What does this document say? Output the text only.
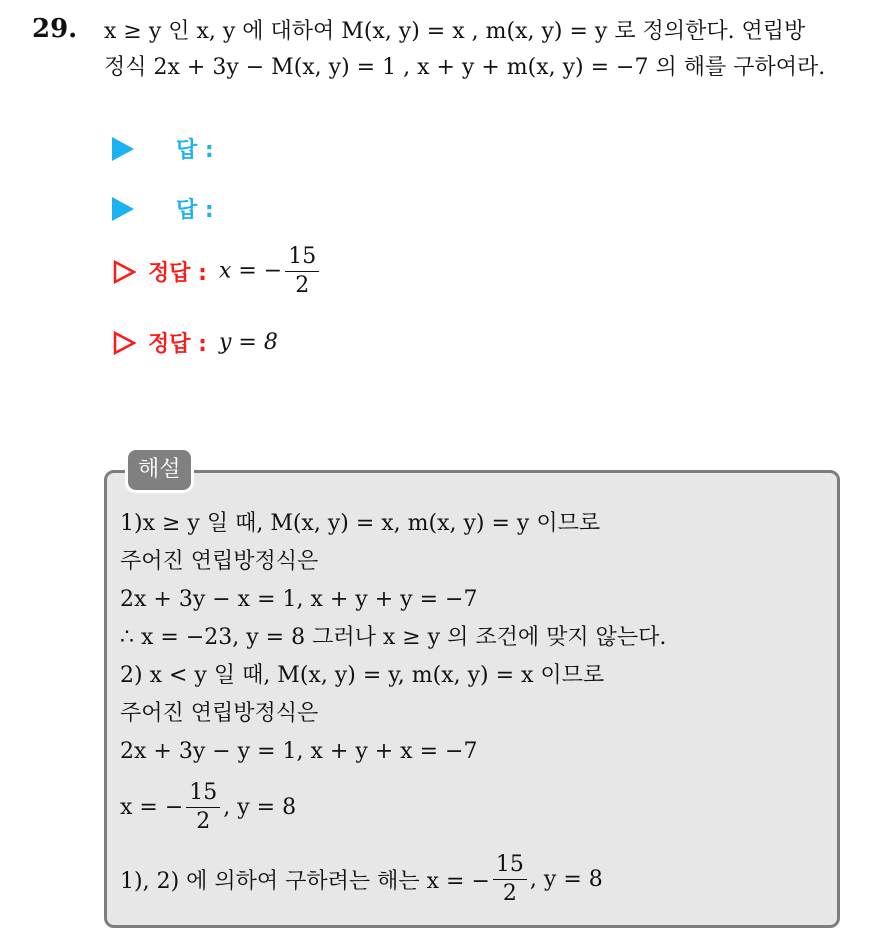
29. x ≥ y 인 x, y 에 대하여 M(x, y) = x , m(x, y) = y 로 정의한다. 연립방
정식 2x + 3y − M(x, y) = 1 , x + y + m(x, y) = −7 의 해를 구하여라.
답 :
답 :
정답 : x = − $\frac{15}{2}$
정답 : y = 8
해설
1)x ≥ y 일 때, M(x, y) = x, m(x, y) = y 이므로
주어진 연립방정식은
2x + 3y − x = 1, x + y + y = −7
∴ x = −23, y = 8 그러나 x ≥ y 의 조건에 맞지 않는다.
2) x < y 일 때, M(x, y) = y, m(x, y) = x 이므로
주어진 연립방정식은
2x + 3y − y = 1, x + y + x = −7
x = − $\frac{15}{2}$ , y = 8
1), 2) 에 의하여 구하려는 해는 x = − $\frac{15}{2}$ , y = 8
